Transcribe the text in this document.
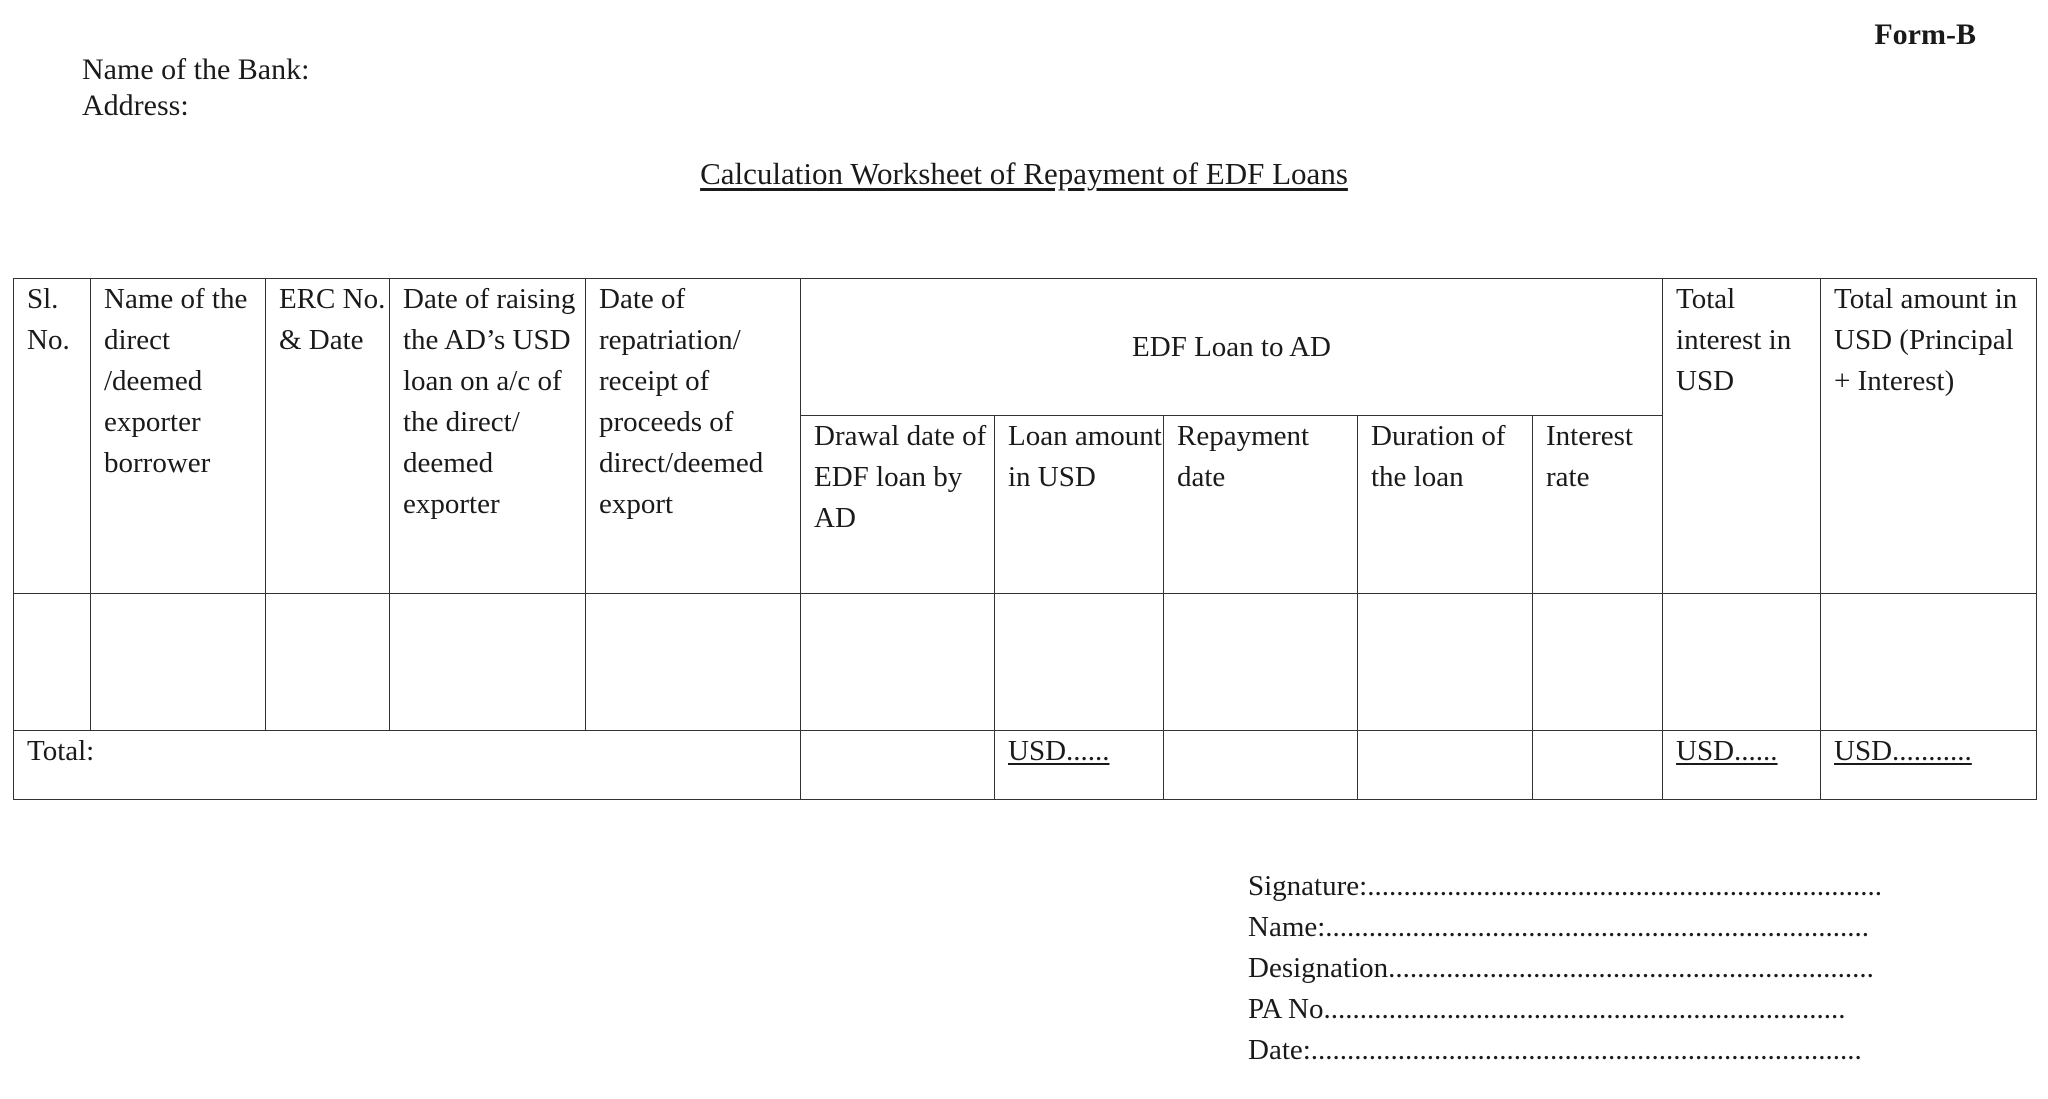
Form-B
Name of the Bank:
Address:
Calculation Worksheet of Repayment of EDF Loans
Sl. No.	Name of the direct /deemed exporter borrower	ERC No. & Date	Date of raising the AD’s USD loan on a/c of the direct/ deemed exporter	Date of repatriation/ receipt of proceeds of direct/deemed export	EDF Loan to AD					Total interest in USD	Total amount in USD (Principal + Interest)
					Drawal date of EDF loan by AD	Loan amount in USD	Repayment date	Duration of the loan	Interest rate		

Total:						USD......				USD......	USD...........
Signature:.......................................................................
Name:...........................................................................
Designation...................................................................
PA No........................................................................
Date:............................................................................
